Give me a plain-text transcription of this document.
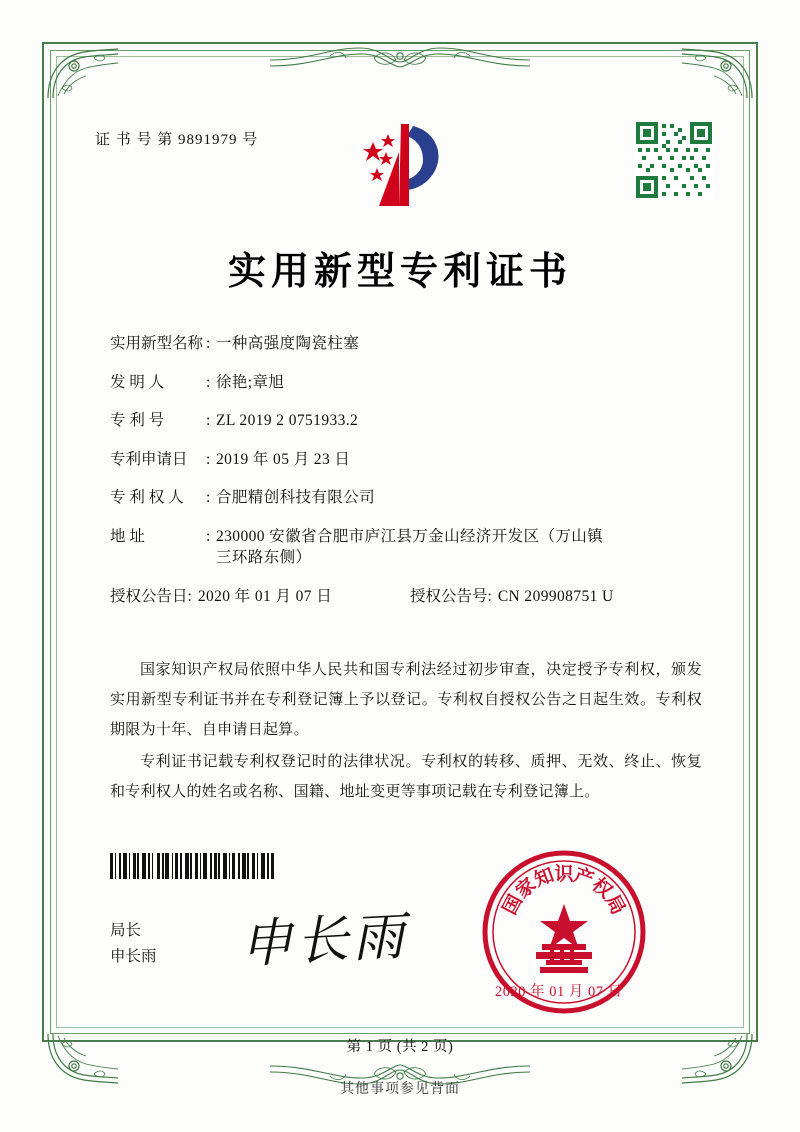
证 书 号 第 9891979 号
实用新型专利证书
实用新型名称 : 一种高强度陶瓷柱塞
发 明 人	: 徐艳;章旭
专 利 号	: ZL 2019 2 0751933.2
专利申请日	: 2019 年 05 月 23 日
专 利 权 人	: 合肥精创科技有限公司
地 址	: 230000 安徽省合肥市庐江县万金山经济开发区（万山镇
三环路东侧）
授权公告日: 2020 年 01 月 07 日	授权公告号: CN 209908751 U

国家知识产权局依照中华人民共和国专利法经过初步审查，决定授予专利权，颁发实用新型专利证书并在专利登记簿上予以登记。专利权自授权公告之日起生效。专利权期限为十年、自申请日起算。

专利证书记载专利权登记时的法律状况。专利权的转移、质押、无效、终止、恢复和专利权人的姓名或名称、国籍、地址变更等事项记载在专利登记簿上。

局长
申长雨 申长雨
国
家
知
识
产
权
局
2020 年 01 月 07 日
第 1 页 (共 2 页)
其他事项参见背面
